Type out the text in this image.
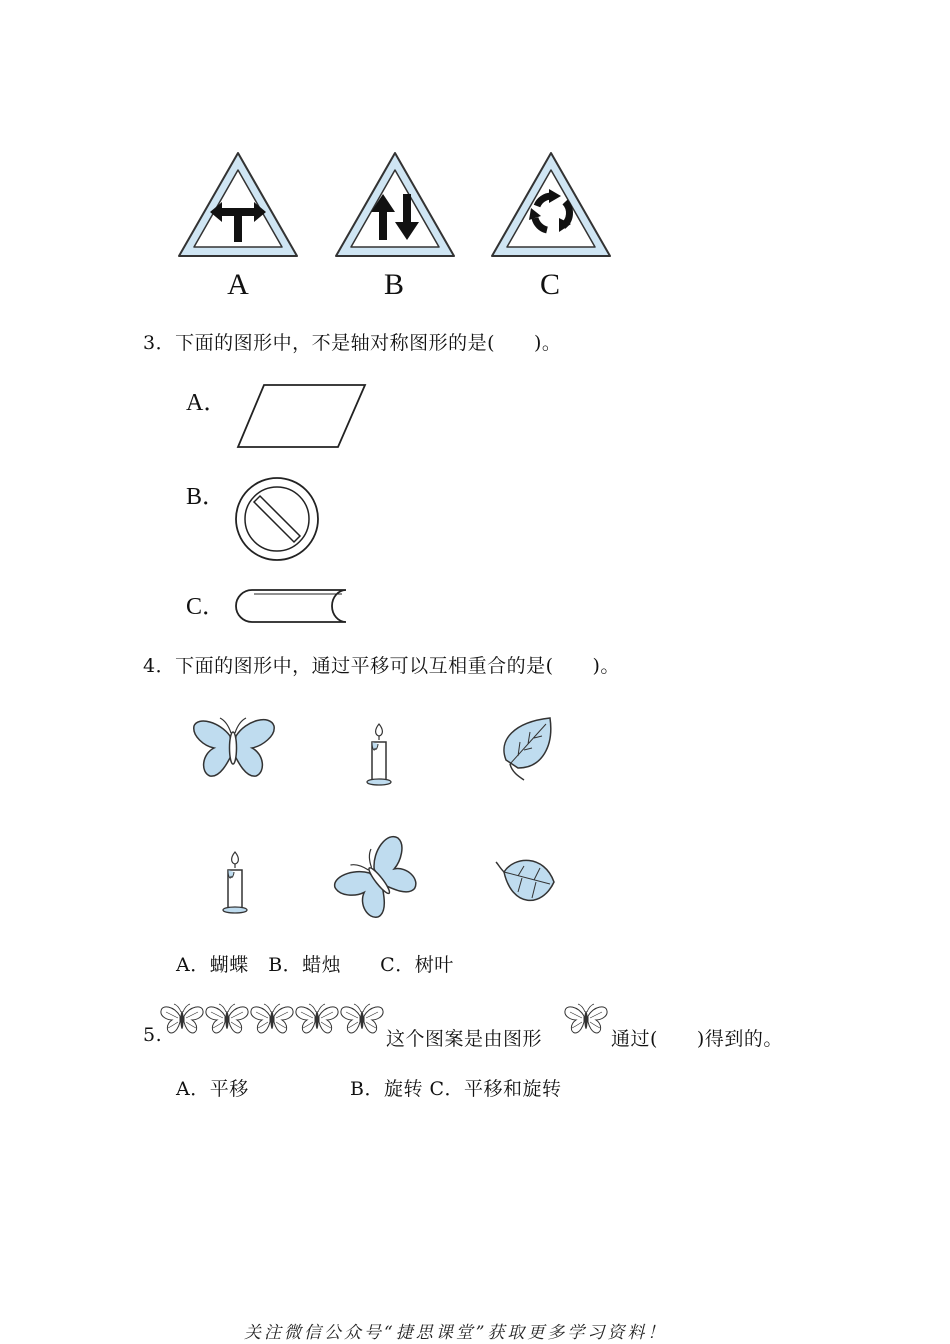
A	B	C
3．下面的图形中，不是轴对称图形的是(　　)。
A．
B．
C．
4．下面的图形中，通过平移可以互相重合的是(　　)。
A．蝴蝶　B．蜡烛　　C．树叶
5.	这个图案是由图形	通过(　　)得到的。
A．平移	B．旋转 C．平移和旋转
关注微信公众号“捷思课堂”获取更多学习资料！
